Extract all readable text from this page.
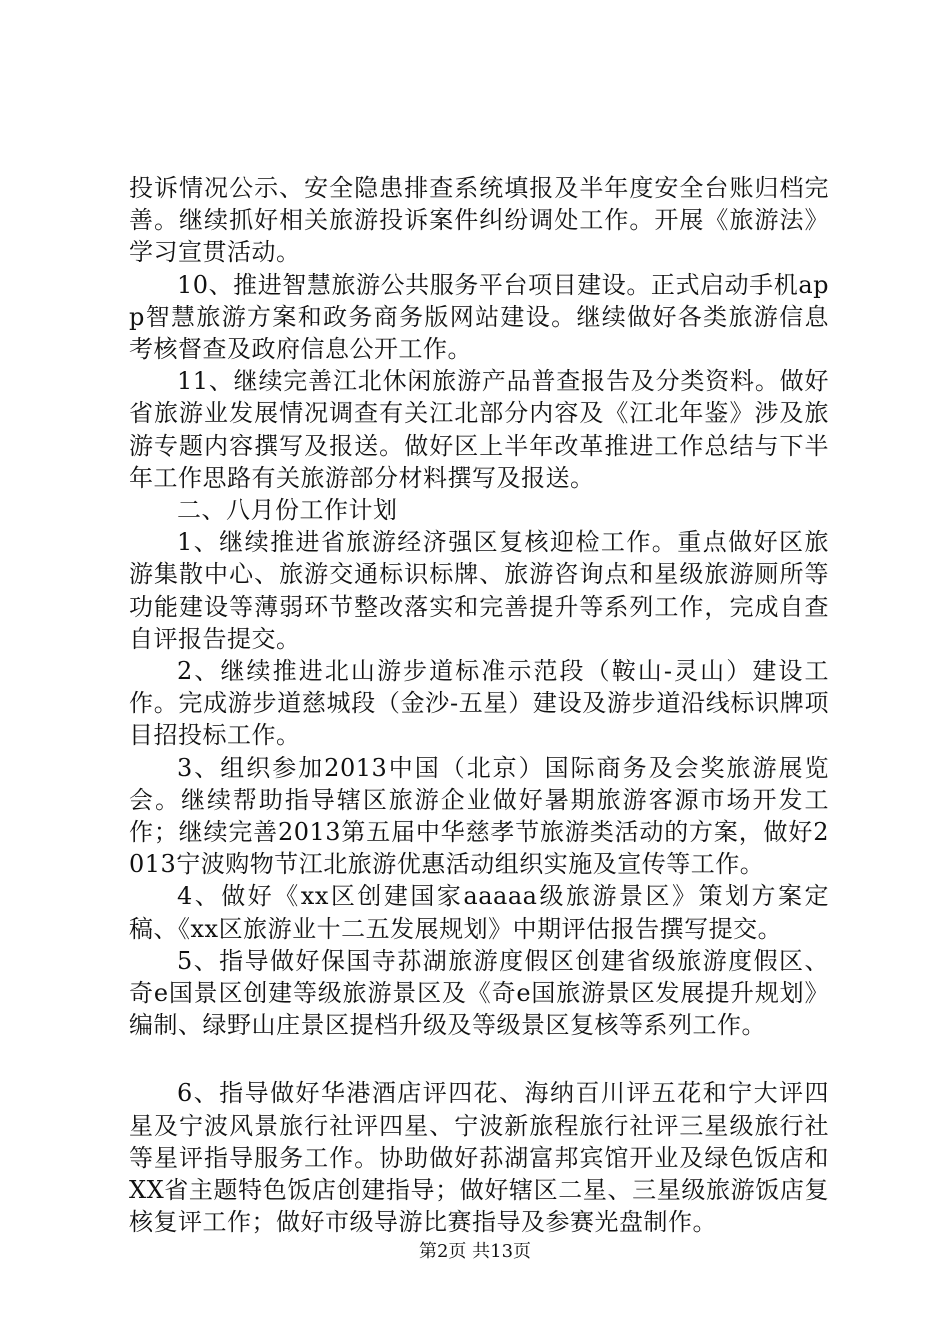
投诉情况公示、安全隐患排查系统填报及半年度安全台账归档完善。继续抓好相关旅游投诉案件纠纷调处工作。开展《旅游法》学习宣贯活动。

10、推进智慧旅游公共服务平台项目建设。正式启动手机app智慧旅游方案和政务商务版网站建设。继续做好各类旅游信息考核督查及政府信息公开工作。

11、继续完善江北休闲旅游产品普查报告及分类资料。做好省旅游业发展情况调查有关江北部分内容及《江北年鉴》涉及旅游专题内容撰写及报送。做好区上半年改革推进工作总结与下半年工作思路有关旅游部分材料撰写及报送。

二、八月份工作计划

1、继续推进省旅游经济强区复核迎检工作。重点做好区旅游集散中心、旅游交通标识标牌、旅游咨询点和星级旅游厕所等功能建设等薄弱环节整改落实和完善提升等系列工作，完成自查自评报告提交。

2、继续推进北山游步道标准示范段（鞍山-灵山）建设工作。完成游步道慈城段（金沙-五星）建设及游步道沿线标识牌项目招投标工作。

3、组织参加2013中国（北京）国际商务及会奖旅游展览会。继续帮助指导辖区旅游企业做好暑期旅游客源市场开发工作；继续完善2013第五届中华慈孝节旅游类活动的方案，做好2013宁波购物节江北旅游优惠活动组织实施及宣传等工作。

4、做好《xx区创建国家aaaaa级旅游景区》策划方案定稿、《xx区旅游业十二五发展规划》中期评估报告撰写提交。

5、指导做好保国寺荪湖旅游度假区创建省级旅游度假区、奇e国景区创建等级旅游景区及《奇e国旅游景区发展提升规划》编制、绿野山庄景区提档升级及等级景区复核等系列工作。

6、指导做好华港酒店评四花、海纳百川评五花和宁大评四星及宁波风景旅行社评四星、宁波新旅程旅行社评三星级旅行社等星评指导服务工作。协助做好荪湖富邦宾馆开业及绿色饭店和XX省主题特色饭店创建指导；做好辖区二星、三星级旅游饭店复核复评工作；做好市级导游比赛指导及参赛光盘制作。

第2页 共13页
